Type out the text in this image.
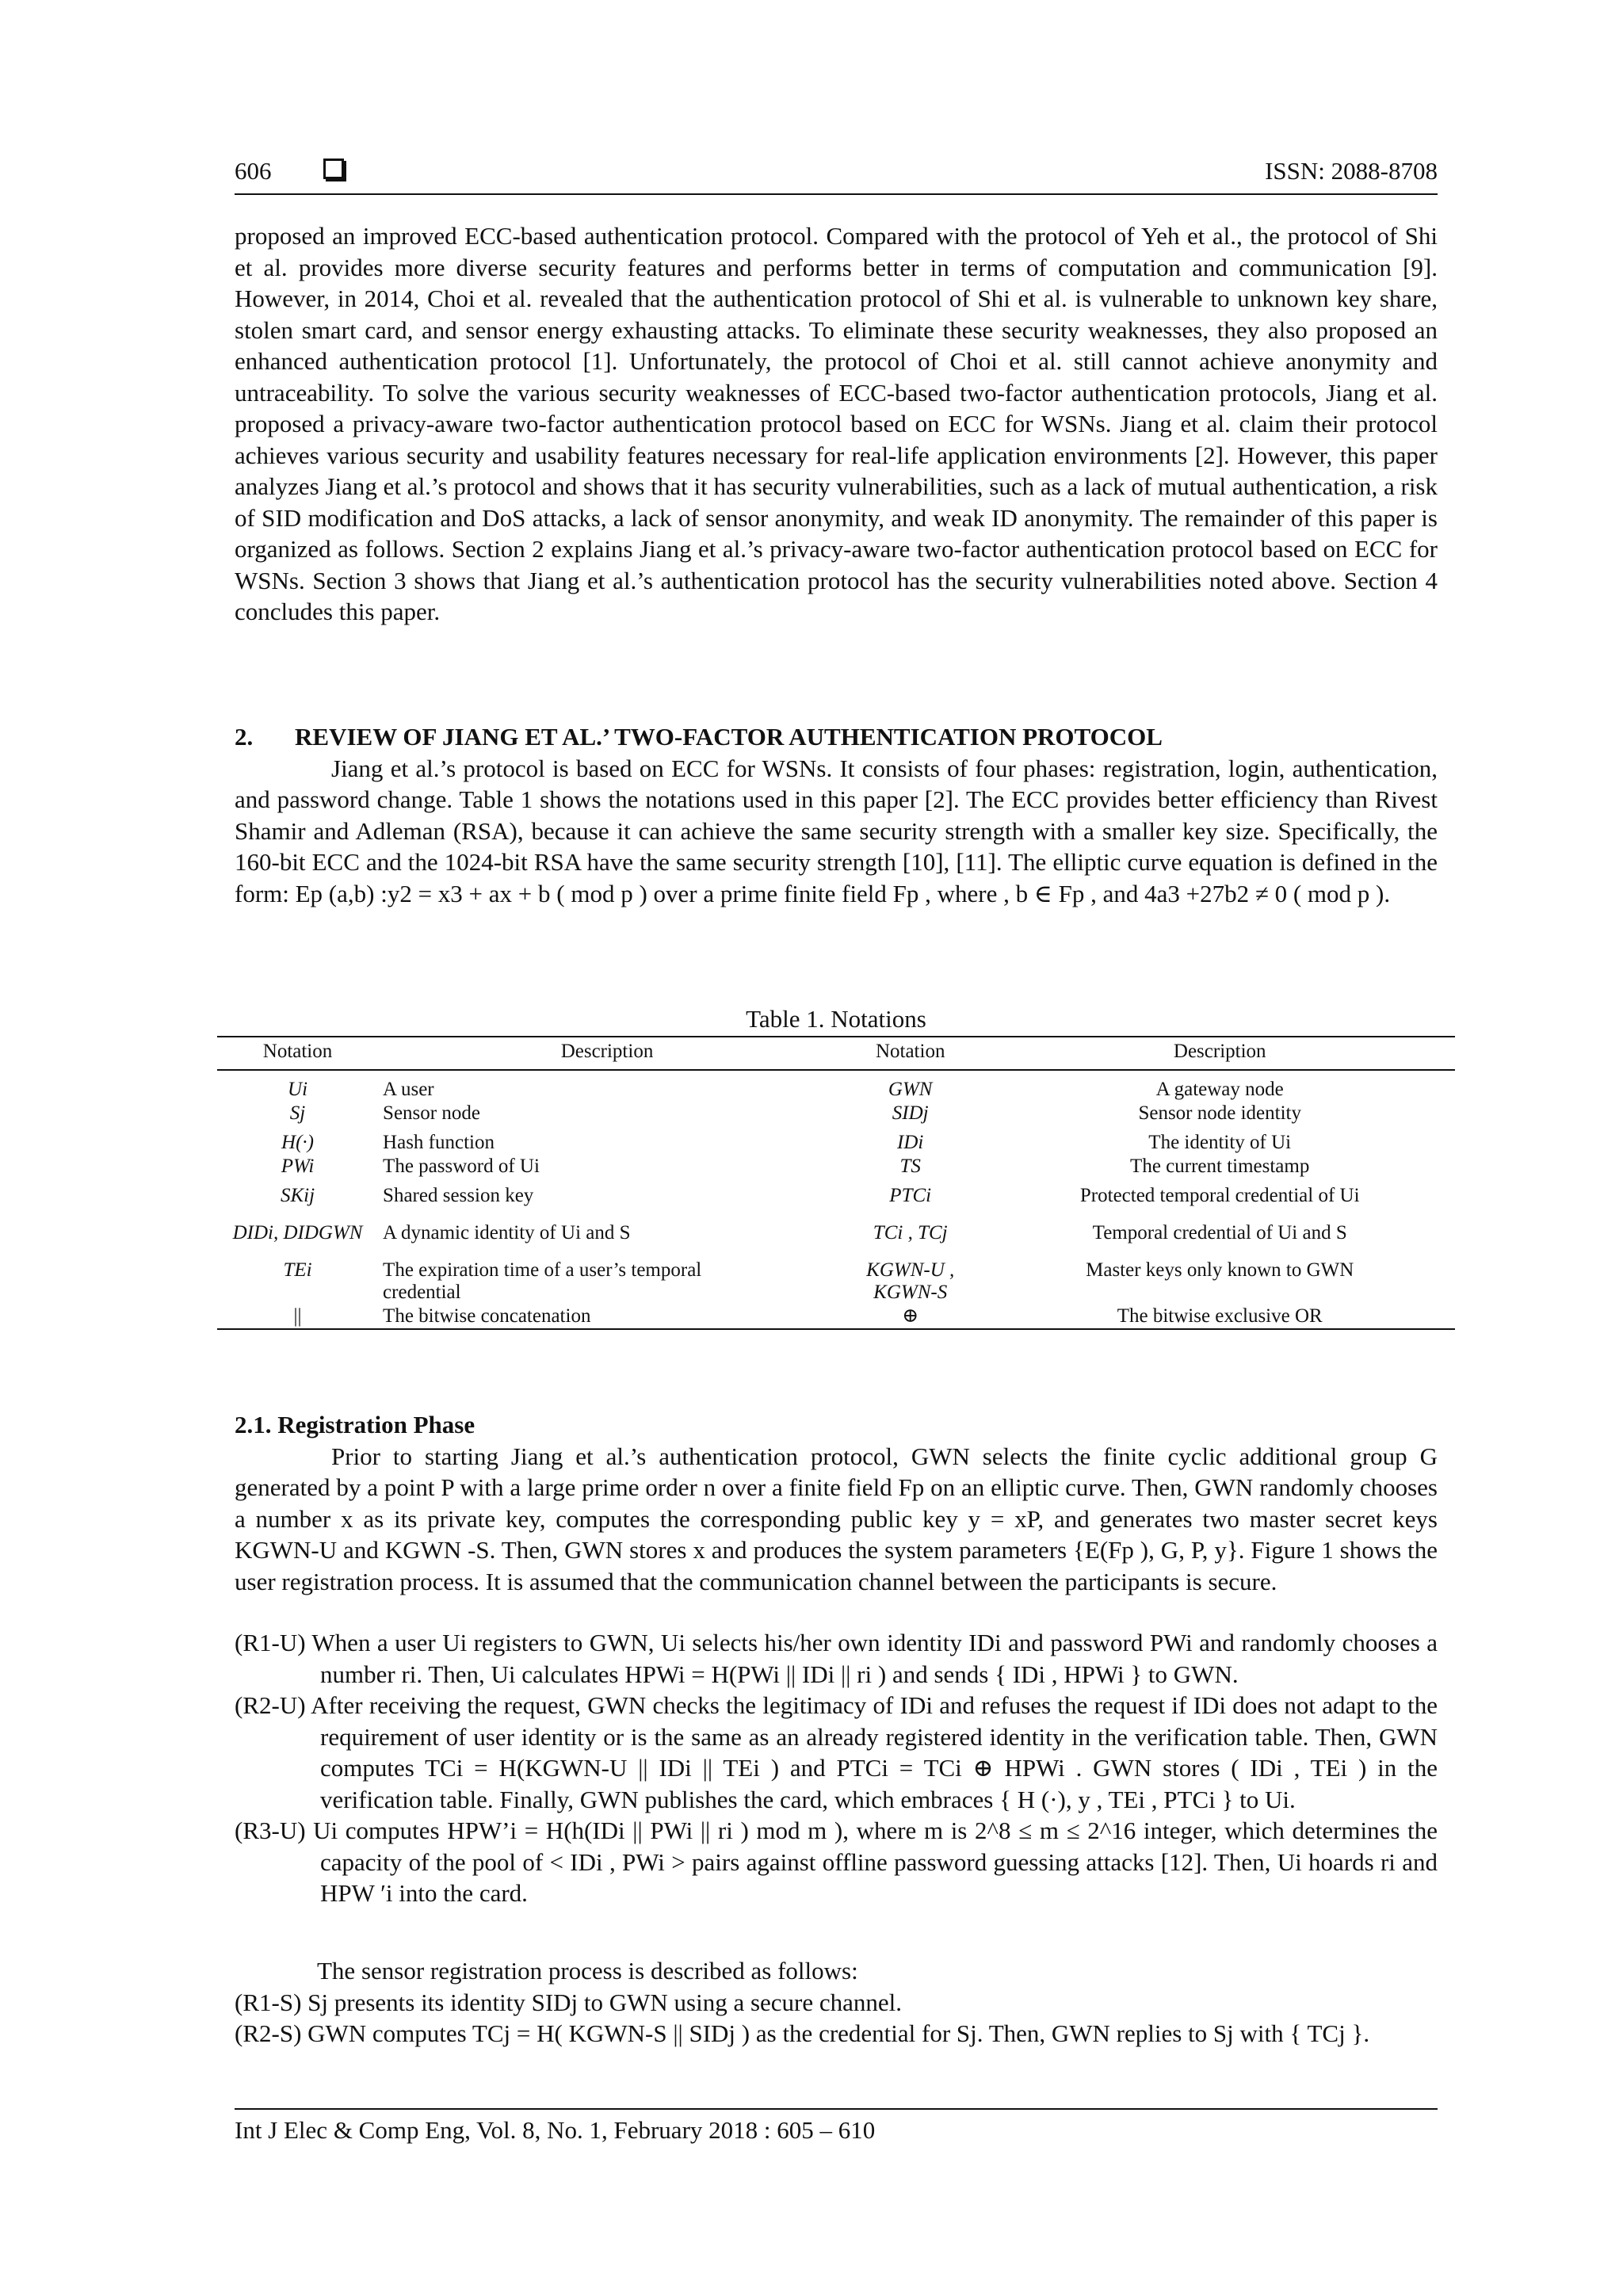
606	ISSN: 2088-8708

proposed an improved ECC-based authentication protocol. Compared with the protocol of Yeh et al., the protocol of Shi et al. provides more diverse security features and performs better in terms of computation and communication [9]. However, in 2014, Choi et al. revealed that the authentication protocol of Shi et al. is vulnerable to unknown key share, stolen smart card, and sensor energy exhausting attacks. To eliminate these security weaknesses, they also proposed an enhanced authentication protocol [1]. Unfortunately, the protocol of Choi et al. still cannot achieve anonymity and untraceability. To solve the various security weaknesses of ECC-based two-factor authentication protocols, Jiang et al. proposed a privacy-aware two-factor authentication protocol based on ECC for WSNs. Jiang et al. claim their protocol achieves various security and usability features necessary for real-life application environments [2]. However, this paper analyzes Jiang et al.’s protocol and shows that it has security vulnerabilities, such as a lack of mutual authentication, a risk of SID modification and DoS attacks, a lack of sensor anonymity, and weak ID anonymity. The remainder of this paper is organized as follows. Section 2 explains Jiang et al.’s privacy-aware two-factor authentication protocol based on ECC for WSNs. Section 3 shows that Jiang et al.’s authentication protocol has the security vulnerabilities noted above. Section 4 concludes this paper.

2. REVIEW OF JIANG ET AL.’ TWO-FACTOR AUTHENTICATION PROTOCOL

Jiang et al.’s protocol is based on ECC for WSNs. It consists of four phases: registration, login, authentication, and password change. Table 1 shows the notations used in this paper [2]. The ECC provides better efficiency than Rivest Shamir and Adleman (RSA), because it can achieve the same security strength with a smaller key size. Specifically, the 160-bit ECC and the 1024-bit RSA have the same security strength [10], [11]. The elliptic curve equation is defined in the form: Ep (a,b) :y2 = x3 + ax + b ( mod p ) over a prime finite field Fp , where , b ∈ Fp , and 4a3 +27b2 ≠ 0 ( mod p ).

Table 1. Notations
Notation	Description	Notation	Description
Ui	A user	GWN	A gateway node
Sj	Sensor node	SIDj	Sensor node identity
H(·)	Hash function	IDi	The identity of Ui
PWi	The password of Ui	TS	The current timestamp
SKij	Shared session key	PTCi	Protected temporal credential of Ui
DIDi, DIDGWN	A dynamic identity of Ui and S	TCi , TCj	Temporal credential of Ui and S
TEi	The expiration time of a user’s temporal credential	KGWN-U , KGWN-S	Master keys only known to GWN
||	The bitwise concatenation	⊕	The bitwise exclusive OR
2.1. Registration Phase

Prior to starting Jiang et al.’s authentication protocol, GWN selects the finite cyclic additional group G generated by a point P with a large prime order n over a finite field Fp on an elliptic curve. Then, GWN randomly chooses a number x as its private key, computes the corresponding public key y = xP, and generates two master secret keys KGWN-U and KGWN -S. Then, GWN stores x and produces the system parameters {E(Fp ), G, P, y}. Figure 1 shows the user registration process. It is assumed that the communication channel between the participants is secure.

(R1-U) When a user Ui registers to GWN, Ui selects his/her own identity IDi and password PWi and randomly chooses a number ri. Then, Ui calculates HPWi = H(PWi || IDi || ri ) and sends { IDi , HPWi } to GWN.

(R2-U) After receiving the request, GWN checks the legitimacy of IDi and refuses the request if IDi does not adapt to the requirement of user identity or is the same as an already registered identity in the verification table. Then, GWN computes TCi = H(KGWN-U || IDi || TEi ) and PTCi = TCi ⊕ HPWi . GWN stores ( IDi , TEi ) in the verification table. Finally, GWN publishes the card, which embraces { H (·), y , TEi , PTCi } to Ui.

(R3-U) Ui computes HPW’i = H(h(IDi || PWi || ri ) mod m ), where m is 2^8 ≤ m ≤ 2^16 integer, which determines the capacity of the pool of < IDi , PWi > pairs against offline password guessing attacks [12]. Then, Ui hoards ri and HPW ′i into the card.

The sensor registration process is described as follows:

(R1-S) Sj presents its identity SIDj to GWN using a secure channel.

(R2-S) GWN computes TCj = H( KGWN-S || SIDj ) as the credential for Sj. Then, GWN replies to Sj with { TCj }.

Int J Elec & Comp Eng, Vol. 8, No. 1, February 2018 : 605 – 610
